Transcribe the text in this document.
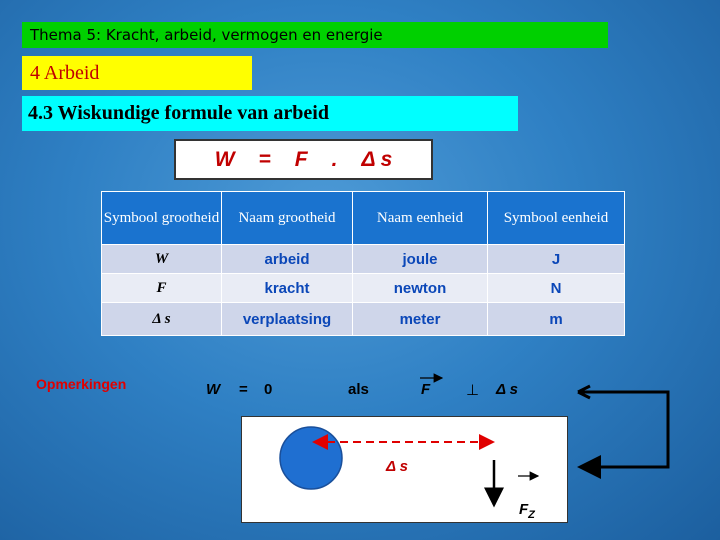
Thema 5: Kracht, arbeid, vermogen en energie
4 Arbeid
4.3 Wiskundige formule van arbeid
W = F . Δ s
Symbool grootheid	Naam grootheid	Naam eenheid	Symbool eenheid
W	arbeid	joule	J
F	kracht	newton	N
Δ s	verplaatsing	meter	m
Opmerkingen	W = 0	als	F ⊥ Δ s
Δ s
$F_Z$
